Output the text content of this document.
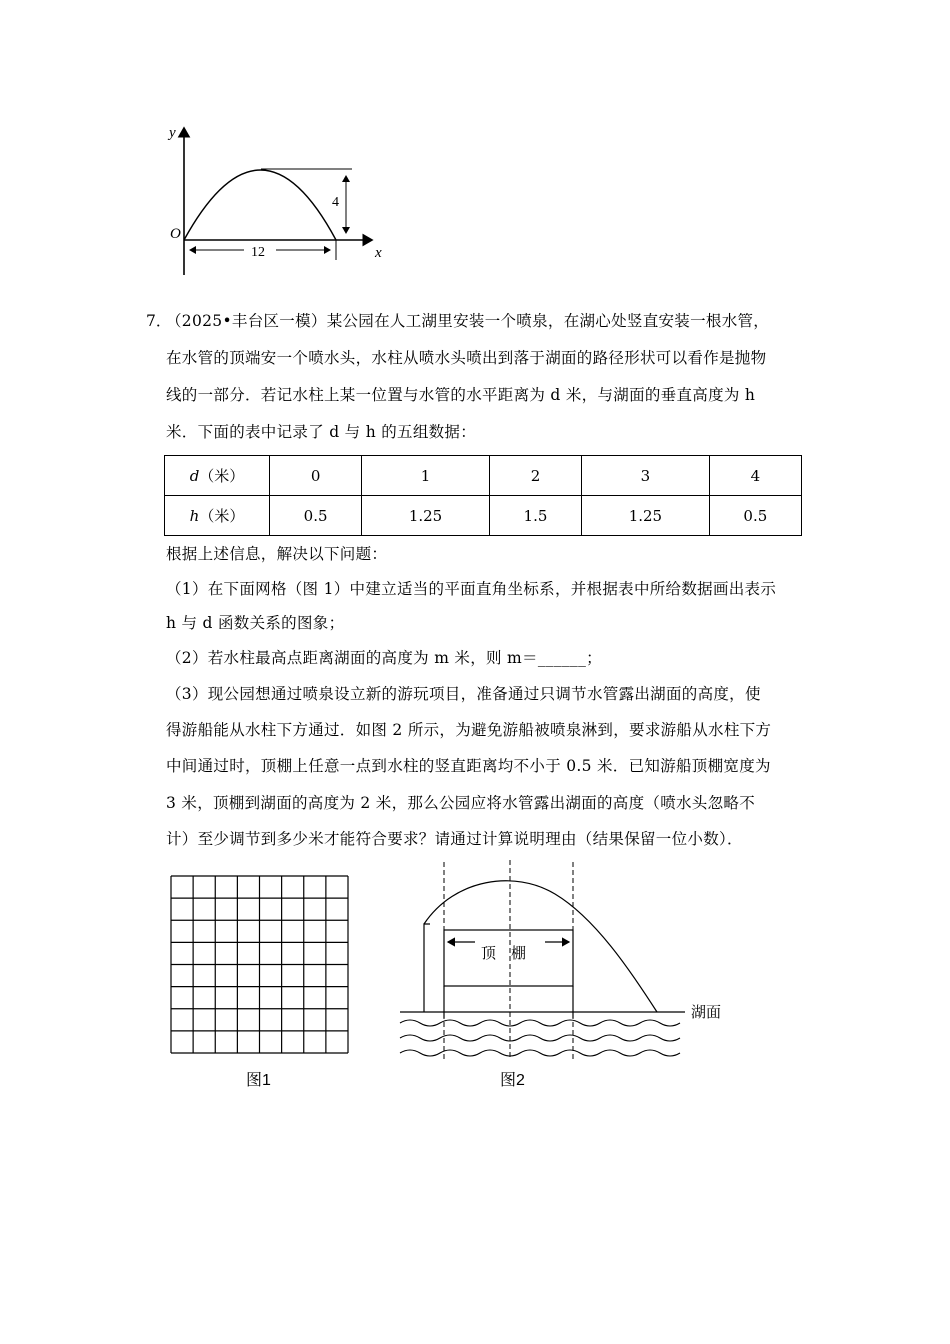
y
x
O
4
12
7．
（2025•丰台区一模）某公园在人工湖里安装一个喷泉，在湖心处竖直安装一根水管，
在水管的顶端安一个喷水头，水柱从喷水头喷出到落于湖面的路径形状可以看作是抛物
线的一部分．若记水柱上某一位置与水管的水平距离为 d 米，与湖面的垂直高度为 h
米．下面的表中记录了 d 与 h 的五组数据：
d（米）	0	1	2	3	4
h（米）	0.5	1.25	1.5	1.25	0.5
根据上述信息，解决以下问题：
（1）在下面网格（图 1）中建立适当的平面直角坐标系，并根据表中所给数据画出表示
h 与 d 函数关系的图象；
（2）若水柱最高点距离湖面的高度为 m 米，则 m＝______；
（3）现公园想通过喷泉设立新的游玩项目，准备通过只调节水管露出湖面的高度，使
得游船能从水柱下方通过．如图 2 所示，为避免游船被喷泉淋到，要求游船从水柱下方
中间通过时，顶棚上任意一点到水柱的竖直距离均不小于 0.5 米．已知游船顶棚宽度为
3 米，顶棚到湖面的高度为 2 米，那么公园应将水管露出湖面的高度（喷水头忽略不
计）至少调节到多少米才能符合要求？请通过计算说明理由（结果保留一位小数）．
图1
顶　棚
湖面
图2
